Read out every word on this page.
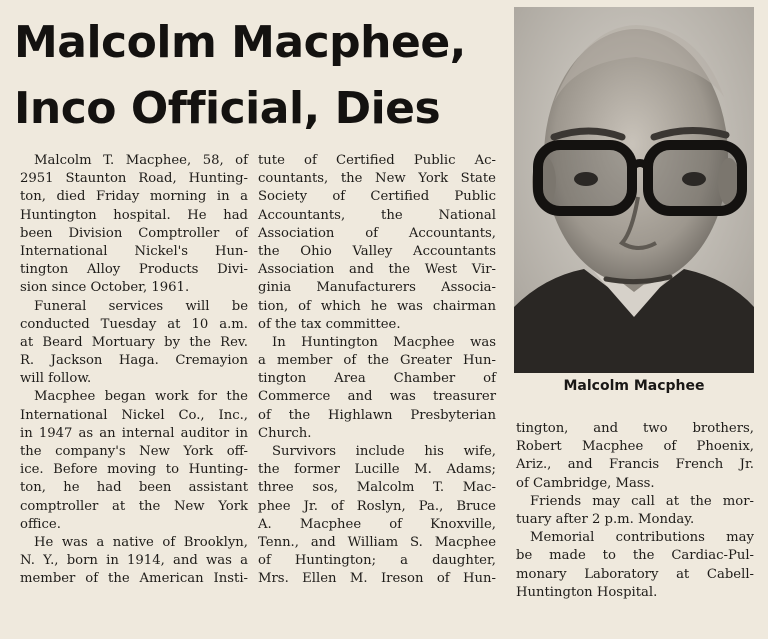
Malcolm Macphee,
Inco Official, Dies
Malcolm Macphee
Malcolm T. Macphee, 58, of
2951 Staunton Road, Hunting-
ton, died Friday morning in a
Huntington hospital. He had
been Division Comptroller of
International Nickel's Hun-
tington Alloy Products Divi-
sion since October, 1961.
Funeral services will be
conducted Tuesday at 10 a.m.
at Beard Mortuary by the Rev.
R. Jackson Haga. Cremayion
will follow.
Macphee began work for the
International Nickel Co., Inc.,
in 1947 as an internal auditor in
the company's New York off-
ice. Before moving to Hunting-
ton, he had been assistant
comptroller at the New York
office.
He was a native of Brooklyn,
N. Y., born in 1914, and was a
member of the American Insti-
tute of Certified Public Ac-
countants, the New York State
Society of Certified Public
Accountants, the National
Association of Accountants,
the Ohio Valley Accountants
Association and the West Vir-
ginia Manufacturers Associa-
tion, of which he was chairman
of the tax committee.
In Huntington Macphee was
a member of the Greater Hun-
tington Area Chamber of
Commerce and was treasurer
of the Highlawn Presbyterian
Church.
Survivors include his wife,
the former Lucille M. Adams;
three sos, Malcolm T. Mac-
phee Jr. of Roslyn, Pa., Bruce
A. Macphee of Knoxville,
Tenn., and William S. Macphee
of Huntington; a daughter,
Mrs. Ellen M. Ireson of Hun-
tington, and two brothers,
Robert Macphee of Phoenix,
Ariz., and Francis French Jr.
of Cambridge, Mass.
Friends may call at the mor-
tuary after 2 p.m. Monday.
Memorial contributions may
be made to the Cardiac-Pul-
monary Laboratory at Cabell-
Huntington Hospital.
